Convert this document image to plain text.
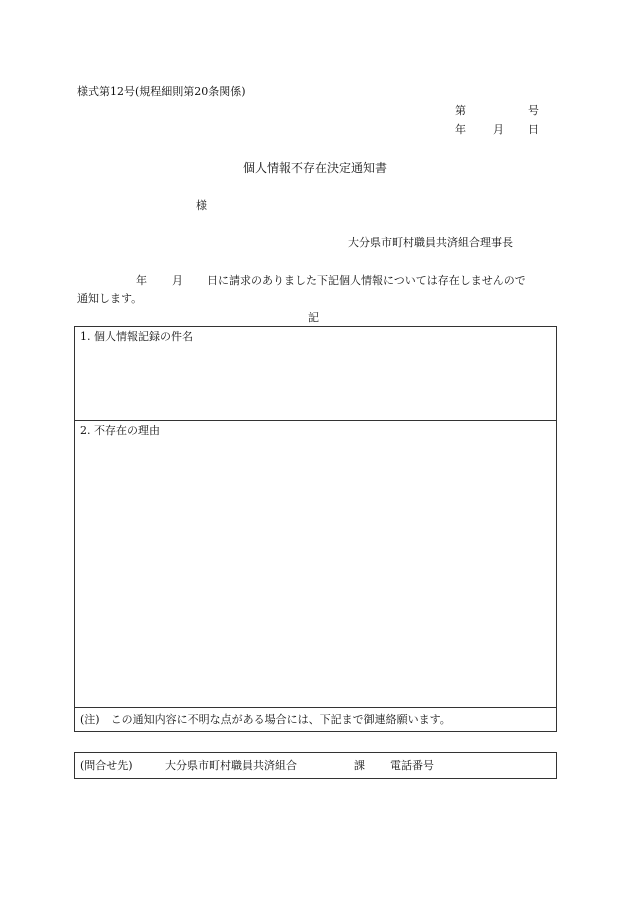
様式第12号(規程細則第20条関係)
第	号
年 月 日
個人情報不存在決定通知書
様
大分県市町村職員共済組合理事長
年 月 日に請求のありました下記個人情報については存在しませんので
通知します。
記
1. 個人情報記録の件名
2. 不存在の理由
(注)　この通知内容に不明な点がある場合には、下記まで御連絡願います。
(問合せ先)	大分県市町村職員共済組合	課 電話番号
